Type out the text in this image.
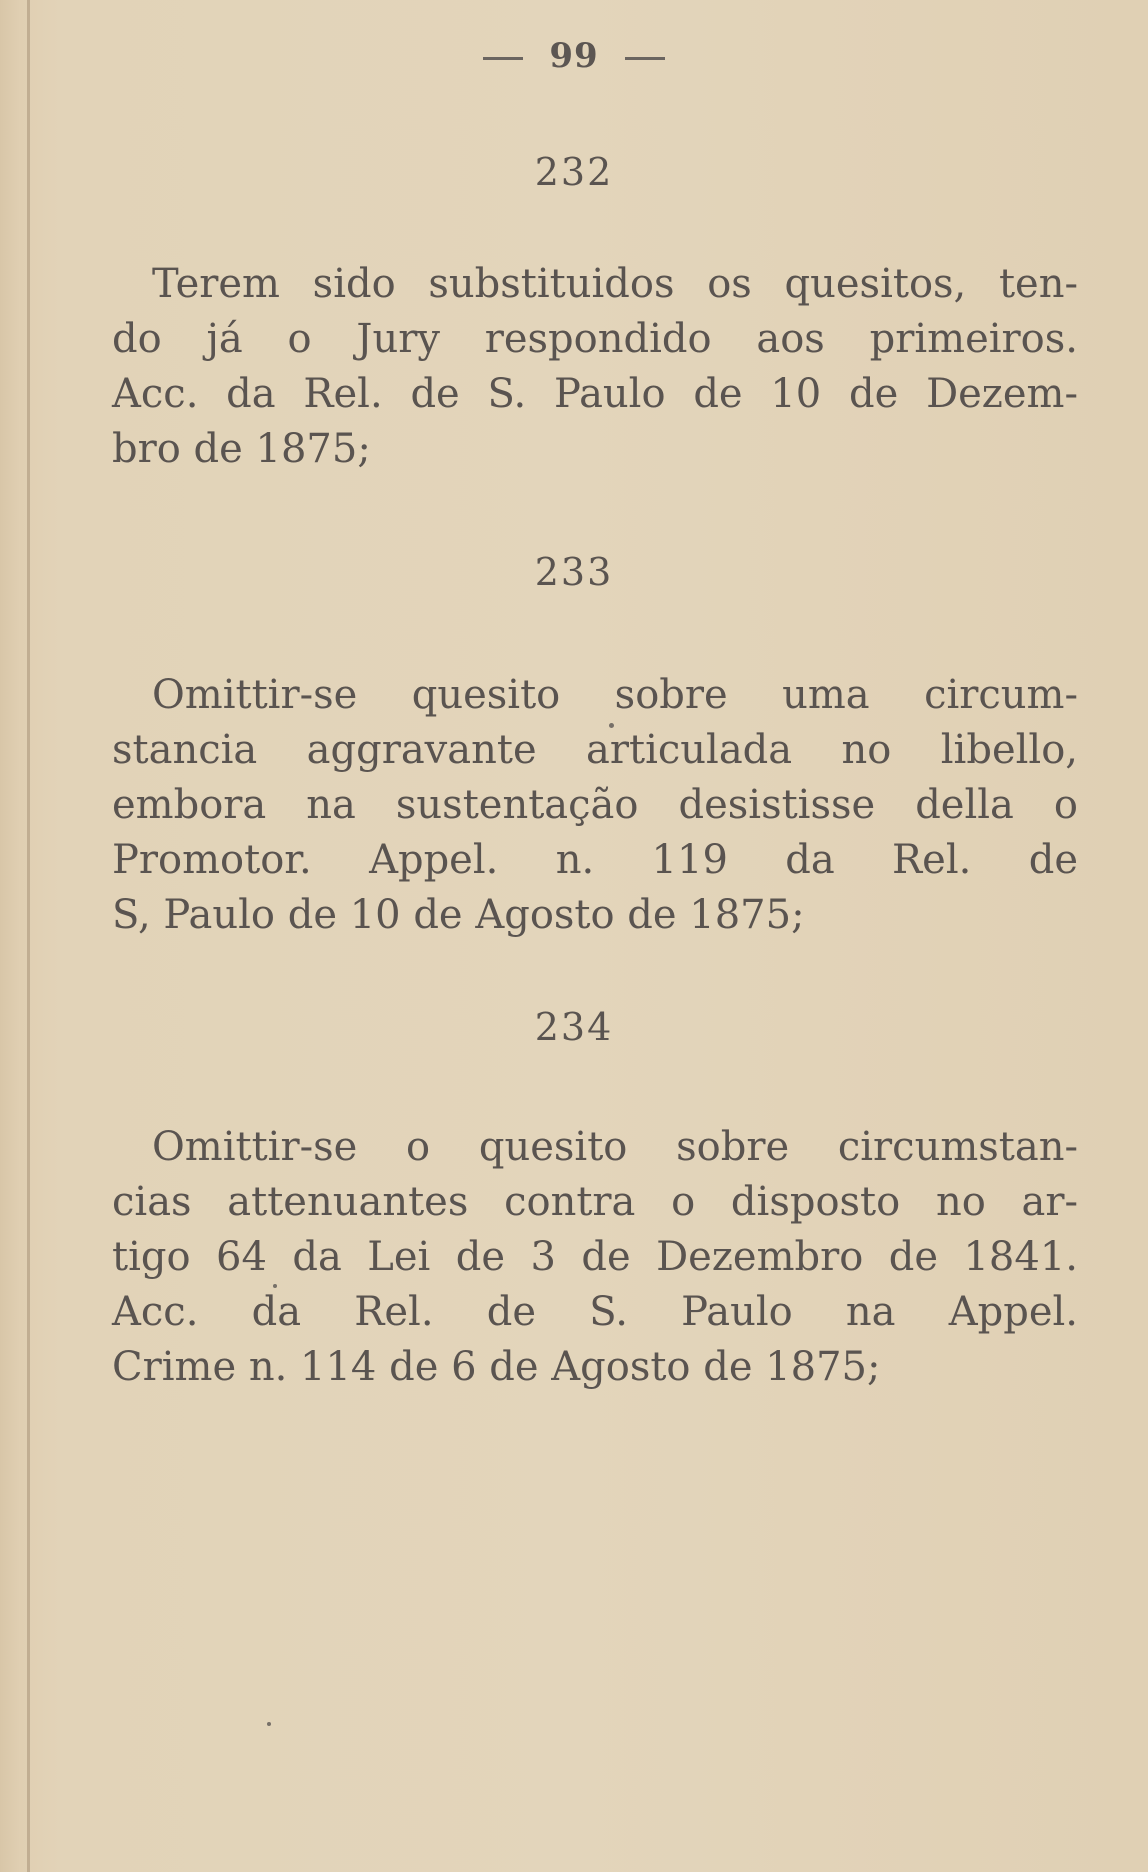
99
232
Terem sido substituidos os quesitos, ten-
do já o Jury respondido aos primeiros.
Acc. da Rel. de S. Paulo de 10 de Dezem-
bro de 1875;
233
Omittir-se quesito sobre uma circum-
stancia aggravante articulada no libello,
embora na sustentação desistisse della o
Promotor. Appel. n. 119 da Rel. de
S, Paulo de 10 de Agosto de 1875;
234
Omittir-se o quesito sobre circumstan-
cias attenuantes contra o disposto no ar-
tigo 64 da Lei de 3 de Dezembro de 1841.
Acc. da Rel. de S. Paulo na Appel.
Crime n. 114 de 6 de Agosto de 1875;
